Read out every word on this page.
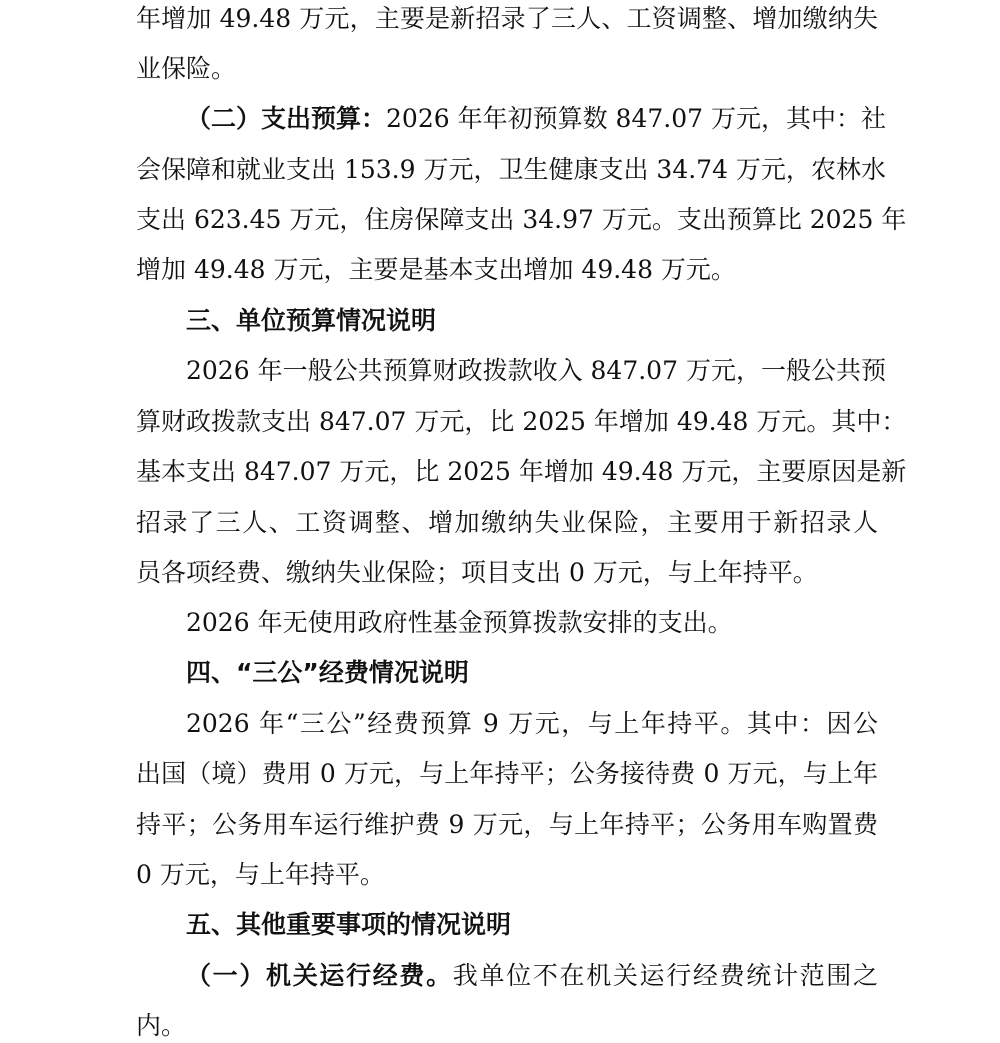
年增加 49.48 万元，主要是新招录了三人、工资调整、增加缴纳失
业保险。
（二）支出预算：2026 年年初预算数 847.07 万元，其中：社
会保障和就业支出 153.9 万元，卫生健康支出 34.74 万元，农林水
支出 623.45 万元，住房保障支出 34.97 万元。支出预算比 2025 年
增加 49.48 万元，主要是基本支出增加 49.48 万元。
三、单位预算情况说明
2026 年一般公共预算财政拨款收入 847.07 万元，一般公共预
算财政拨款支出 847.07 万元，比 2025 年增加 49.48 万元。其中：
基本支出 847.07 万元，比 2025 年增加 49.48 万元，主要原因是新
招录了三人、工资调整、增加缴纳失业保险，主要用于新招录人
员各项经费、缴纳失业保险；项目支出 0 万元，与上年持平。
2026 年无使用政府性基金预算拨款安排的支出。
四、“三公”经费情况说明
2026 年“三公”经费预算 9 万元，与上年持平。其中：因公
出国（境）费用 0 万元，与上年持平；公务接待费 0 万元，与上年
持平；公务用车运行维护费 9 万元，与上年持平；公务用车购置费
0 万元，与上年持平。
五、其他重要事项的情况说明
（一）机关运行经费。我单位不在机关运行经费统计范围之
内。
